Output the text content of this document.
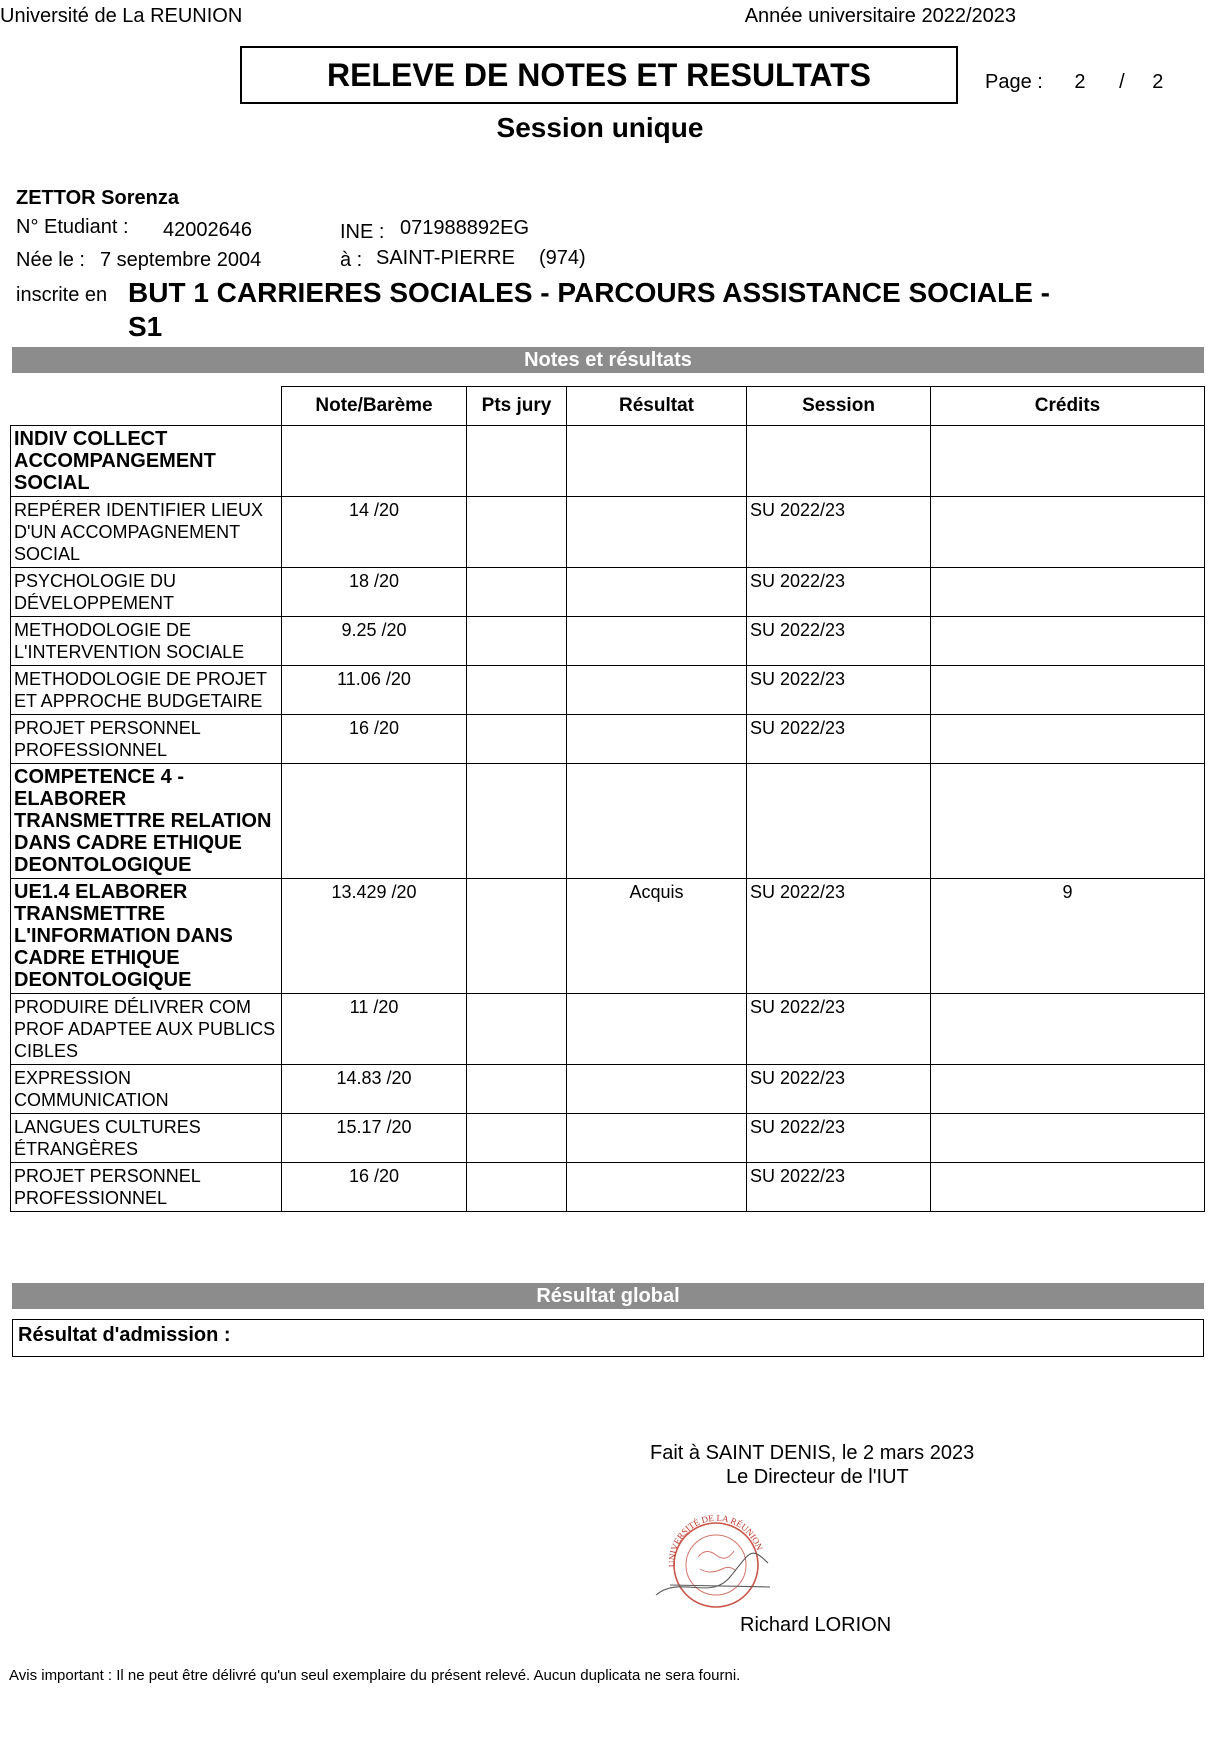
Université de La REUNION	Année universitaire 2022/2023
RELEVE DE NOTES ET RESULTATS	Page : 2 / 2
Session unique
ZETTOR Sorenza
N° Etudiant : 42002646	INE : 071988892EG
Née le : 7 septembre 2004	à : SAINT-PIERRE (974)
inscrite en BUT 1 CARRIERES SOCIALES - PARCOURS ASSISTANCE SOCIALE -
S1
Notes et résultats
	Note/Barème	Pts jury	Résultat	Session	Crédits
INDIV COLLECT ACCOMPANGEMENT SOCIAL					
REPÉRER IDENTIFIER LIEUX D'UN ACCOMPAGNEMENT SOCIAL	14 /20			SU 2022/23	
PSYCHOLOGIE DU DÉVELOPPEMENT	18 /20			SU 2022/23	
METHODOLOGIE DE L'INTERVENTION SOCIALE	9.25 /20			SU 2022/23	
METHODOLOGIE DE PROJET ET APPROCHE BUDGETAIRE	11.06 /20			SU 2022/23	
PROJET PERSONNEL PROFESSIONNEL	16 /20			SU 2022/23	
COMPETENCE 4 - ELABORER TRANSMETTRE RELATION DANS CADRE ETHIQUE DEONTOLOGIQUE					
UE1.4 ELABORER TRANSMETTRE L'INFORMATION DANS CADRE ETHIQUE DEONTOLOGIQUE	13.429 /20		Acquis	SU 2022/23	9
PRODUIRE DÉLIVRER COM PROF ADAPTEE AUX PUBLICS CIBLES	11 /20			SU 2022/23	
EXPRESSION COMMUNICATION	14.83 /20			SU 2022/23	
LANGUES CULTURES ÉTRANGÈRES	15.17 /20			SU 2022/23	
PROJET PERSONNEL PROFESSIONNEL	16 /20			SU 2022/23	
Résultat global
Résultat d'admission :
Fait à SAINT DENIS, le 2 mars 2023
Le Directeur de l'IUT
UNIVERSITÉ DE LA RÉUNION
Richard LORION
Avis important : Il ne peut être délivré qu'un seul exemplaire du présent relevé. Aucun duplicata ne sera fourni.
